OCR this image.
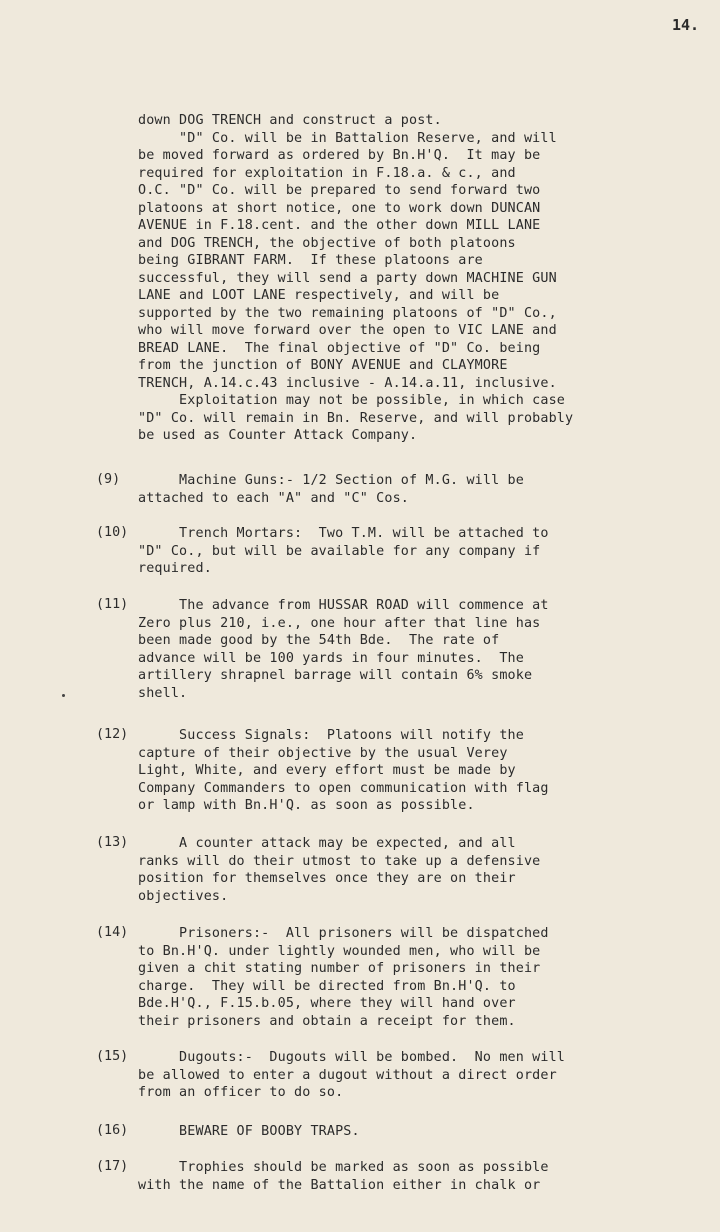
14.
down DOG TRENCH and construct a post.
"D" Co. will be in Battalion Reserve, and will
be moved forward as ordered by Bn.H'Q.  It may be
required for exploitation in F.18.a. & c., and
O.C. "D" Co. will be prepared to send forward two
platoons at short notice, one to work down DUNCAN
AVENUE in F.18.cent. and the other down MILL LANE
and DOG TRENCH, the objective of both platoons
being GIBRANT FARM.  If these platoons are
successful, they will send a party down MACHINE GUN
LANE and LOOT LANE respectively, and will be
supported by the two remaining platoons of "D" Co.,
who will move forward over the open to VIC LANE and
BREAD LANE.  The final objective of "D" Co. being
from the junction of BONY AVENUE and CLAYMORE
TRENCH, A.14.c.43 inclusive - A.14.a.11, inclusive.
Exploitation may not be possible, in which case
"D" Co. will remain in Bn. Reserve, and will probably
be used as Counter Attack Company.
(9) Machine Guns:- 1/2 Section of M.G. will be
attached to each "A" and "C" Cos.
(10) Trench Mortars:  Two T.M. will be attached to
"D" Co., but will be available for any company if
required.
(11) The advance from HUSSAR ROAD will commence at
Zero plus 210, i.e., one hour after that line has
been made good by the 54th Bde.  The rate of
advance will be 100 yards in four minutes.  The
artillery shrapnel barrage will contain 6% smoke
shell.
(12) Success Signals:  Platoons will notify the
capture of their objective by the usual Verey
Light, White, and every effort must be made by
Company Commanders to open communication with flag
or lamp with Bn.H'Q. as soon as possible.
(13) A counter attack may be expected, and all
ranks will do their utmost to take up a defensive
position for themselves once they are on their
objectives.
(14) Prisoners:-  All prisoners will be dispatched
to Bn.H'Q. under lightly wounded men, who will be
given a chit stating number of prisoners in their
charge.  They will be directed from Bn.H'Q. to
Bde.H'Q., F.15.b.05, where they will hand over
their prisoners and obtain a receipt for them.
(15) Dugouts:-  Dugouts will be bombed.  No men will
be allowed to enter a dugout without a direct order
from an officer to do so.
(16) BEWARE OF BOOBY TRAPS.
(17) Trophies should be marked as soon as possible
with the name of the Battalion either in chalk or
